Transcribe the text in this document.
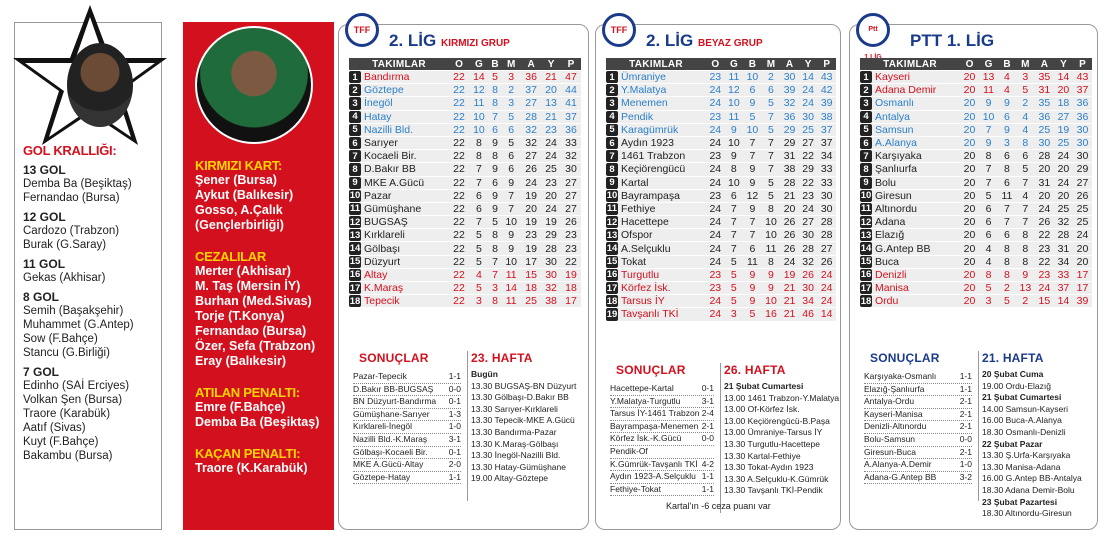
GOL KRALLIĞI:
13 GOL
Demba Ba (Beşiktaş)
Fernandao (Bursa)
12 GOL
Cardozo (Trabzon)
Burak (G.Saray)
11 GOL
Gekas (Akhisar)
8 GOL
Semih (Başakşehir)
Muhammet (G.Antep)
Sow (F.Bahçe)
Stancu (G.Birliği)
7 GOL
Edinho (SAİ Erciyes)
Volkan Şen (Bursa)
Traore (Karabük)
Aatıf (Sivas)
Kuyt (F.Bahçe)
Bakambu (Bursa)
KIRMIZI KART:
Şener (Bursa)
Aykut (Balıkesir)
Gosso, A.Çalık
(Gençlerbirliği)
CEZALILAR
Merter (Akhisar)
M. Taş (Mersin İY)
Burhan (Med.Sivas)
Torje (T.Konya)
Fernandao (Bursa)
Özer, Sefa (Trabzon)
Eray (Balıkesir)
ATILAN PENALTI:
Emre (F.Bahçe)
Demba Ba (Beşiktaş)
KAÇAN PENALTI:
Traore (K.Karabük)
TFF
2. LİG KIRMIZI GRUP
TAKIMLAR		O	G	B	M	A	Y	P
1	Bandırma	22	14	5	3	36	21	47
2	Göztepe	22	12	8	2	37	20	44
3	İnegöl	22	11	8	3	27	13	41
4	Hatay	22	10	7	5	28	21	37
5	Nazilli Bld.	22	10	6	6	32	23	36
6	Sarıyer	22	8	9	5	32	24	33
7	Kocaeli Bir.	22	8	8	6	27	24	32
8	D.Bakır BB	22	7	9	6	26	25	30
9	MKE A.Gücü	22	7	6	9	24	23	27
10	Pazar	22	6	9	7	19	20	27
11	Gümüşhane	22	6	9	7	20	24	27
12	BUGSAŞ	22	7	5	10	19	19	26
13	Kırklareli	22	5	8	9	23	29	23
14	Gölbaşı	22	5	8	9	19	28	23
15	Düzyurt	22	5	7	10	17	30	22
16	Altay	22	4	7	11	15	30	19
17	K.Maraş	22	5	3	14	18	32	18
18	Tepecik	22	3	8	11	25	38	17
SONUÇLAR	23. HAFTA
Pazar-Tepecik	1-1
D.Bakır BB-BUGSAŞ 0-0
BN Düzyurt-Bandırma 0-1
Gümüşhane-Sarıyer 1-3
Kırklareli-İnegöl	1-0
Nazilli Bld.-K.Maraş	3-1
Gölbaşı-Kocaeli Bir. 0-1
MKE A.Gücü-Altay	2-0
Göztepe-Hatay	1-1
Bugün
13.30 BUGSAŞ-BN Düzyurt
13.30 Gölbaşı-D.Bakır BB
13.30 Sarıyer-Kırklareli
13.30 Tepecik-MKE A.Gücü
13.30 Bandırma-Pazar
13.30 K.Maraş-Gölbaşı
13.30 İnegöl-Nazilli Bld.
13.30 Hatay-Gümüşhane
19.00 Altay-Göztepe
TFF
2. LİG BEYAZ GRUP
TAKIMLAR		O	G	B	M	A	Y	P
1	Ümraniye	23	11	10	2	30	14	43
2	Y.Malatya	24	12	6	6	39	24	42
3	Menemen	24	10	9	5	32	24	39
4	Pendik	23	11	5	7	36	30	38
5	Karagümrük	24	9	10	5	29	25	37
6	Aydın 1923	24	10	7	7	29	27	37
7	1461 Trabzon	23	9	7	7	31	22	34
8	Keçiörengücü	24	8	9	7	38	29	33
9	Kartal	24	10	9	5	28	22	33
10	Bayrampaşa	23	6	12	5	21	23	30
11	Fethiye	24	7	9	8	20	24	30
12	Hacettepe	24	7	7	10	26	27	28
13	Ofspor	24	7	7	10	26	30	28
14	A.Selçuklu	24	7	6	11	26	28	27
15	Tokat	24	5	11	8	24	32	26
16	Turgutlu	23	5	9	9	19	26	24
17	Körfez İsk.	23	5	9	9	21	30	24
18	Tarsus İY	24	5	9	10	21	34	24
19	Tavşanlı TKİ	24	3	5	16	21	46	14
SONUÇLAR	26. HAFTA
Hacettepe-Kartal	0-1
Y.Malatya-Turgutlu	3-1
Tarsus İY-1461 Trabzon 2-4
Bayrampaşa-Menemen 2-1
Körfez İsk.-K.Gücü 0-0
Pendik-Of
K.Gümrük-Tavşanlı TKİ 4-2
Aydın 1923-A.Selçuklu 1-1
Fethiye-Tokat	1-1
21 Şubat Cumartesi
13.00 1461 Trabzon-Y.Malatya
13.00 Of-Körfez İsk.
13.00 Keçiörengücü-B.Paşa
13.00 Ümraniye-Tarsus İY
13.30 Turgutlu-Hacettepe
13.30 Kartal-Fethiye
13.30 Tokat-Aydın 1923
13.30 A.Selçuklu-K.Gümrük
13.30 Tavşanlı TKİ-Pendik
Kartal'ın -6 ceza puanı var
Ptt
PTT 1. LİG
TAKIMLAR		O	G	B	M	A	Y	P
1	Kayseri	20	13	4	3	35	14	43
2	Adana Demir	20	11	4	5	31	20	37
3	Osmanlı	20	9	9	2	35	18	36
4	Antalya	20	10	6	4	36	27	36
5	Samsun	20	7	9	4	25	19	30
6	A.Alanya	20	9	3	8	30	25	30
7	Karşıyaka	20	8	6	6	28	24	30
8	Şanlıurfa	20	7	8	5	20	20	29
9	Bolu	20	7	6	7	31	24	27
10	Giresun	20	5	11	4	20	20	26
11	Altınordu	20	6	7	7	24	25	25
12	Adana	20	6	7	7	26	32	25
13	Elazığ	20	6	6	8	22	28	24
14	G.Antep BB	20	4	8	8	23	31	20
15	Buca	20	4	8	8	22	34	20
16	Denizli	20	8	8	9	23	33	17
17	Manisa	20	5	2	13	24	37	17
18	Ordu	20	3	5	2	15	14	39
SONUÇLAR	21. HAFTA
Karşıyaka-Osmanlı	1-1
Elazığ-Şanlıurfa	1-1
Antalya-Ordu	2-1
Kayseri-Manisa	2-1
Denizli-Altınordu	2-1
Bolu-Samsun	0-0
Giresun-Buca	2-1
A.Alanya-A.Demir	1-0
Adana-G.Antep BB	3-2
20 Şubat Cuma
19.00 Ordu-Elazığ
21 Şubat Cumartesi
14.00 Samsun-Kayseri
16.00 Buca-A.Alanya
18.30 Osmanlı-Denizli
22 Şubat Pazar
13.30 Ş.Urfa-Karşıyaka
13.30 Manisa-Adana
16.00 G.Antep BB-Antalya
18.30 Adana Demir-Bolu
23 Şubat Pazartesi
18.30 Altınordu-Giresun
